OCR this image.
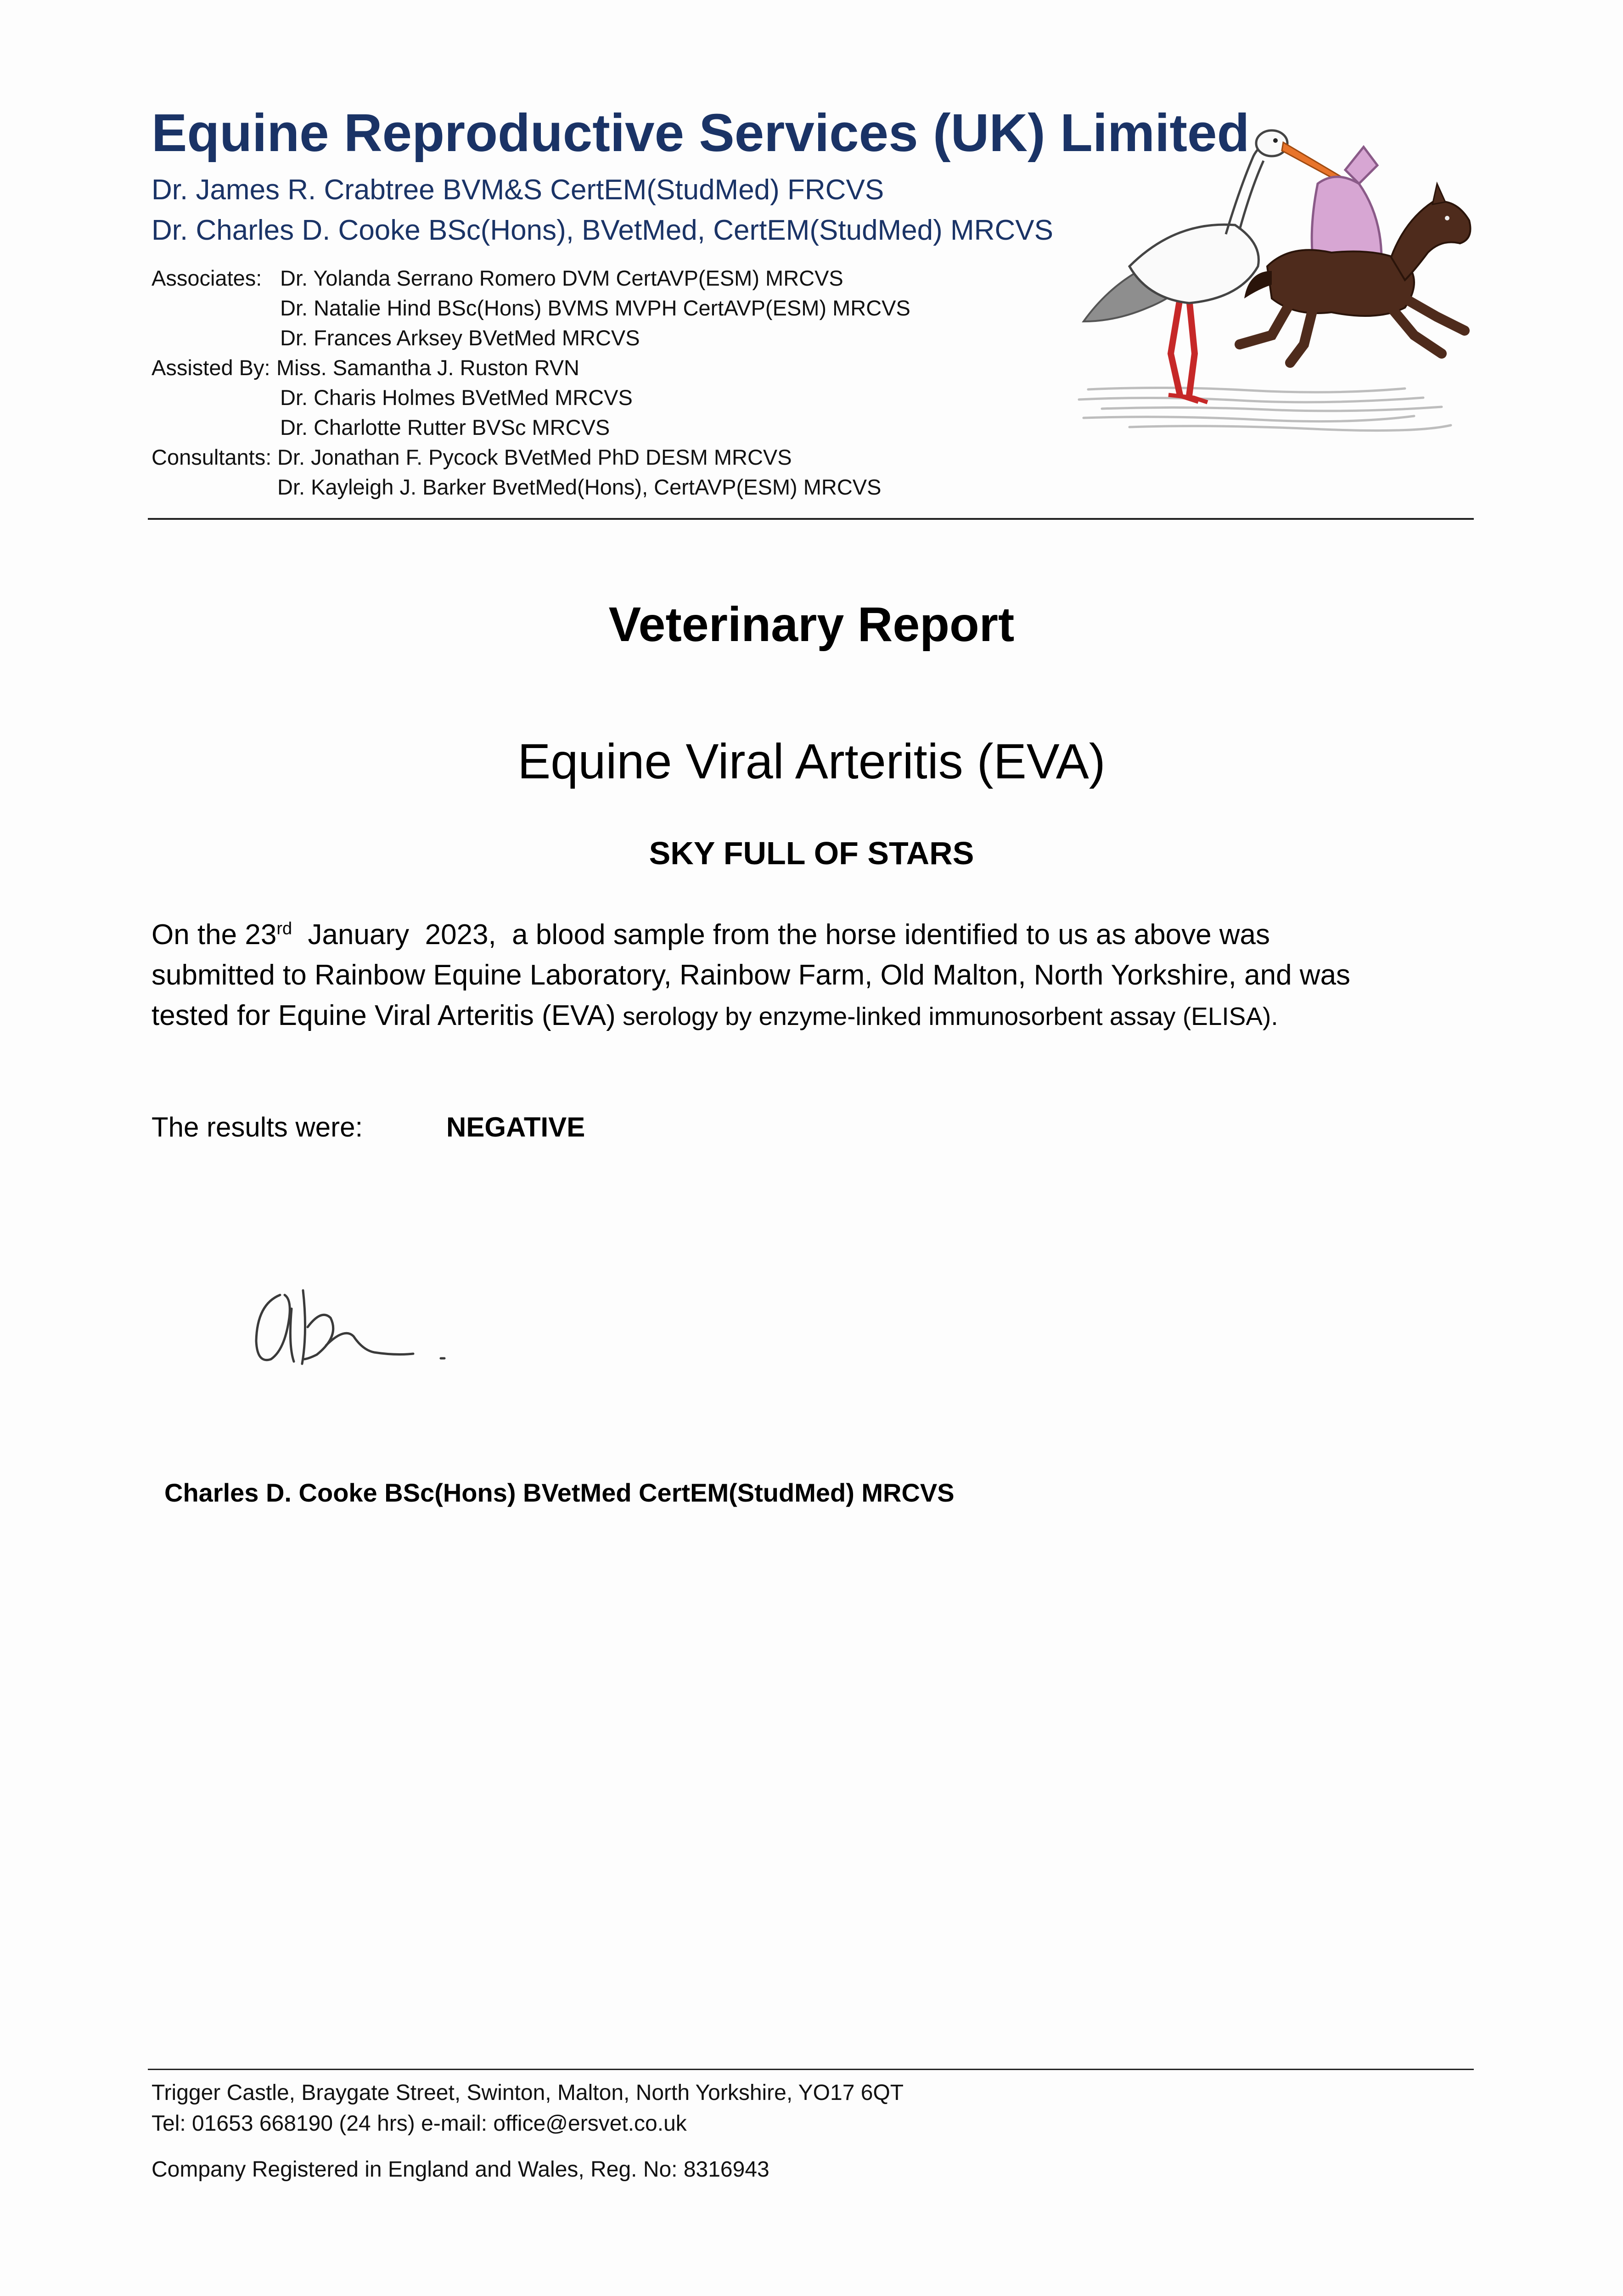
Equine Reproductive Services (UK) Limited
Dr. James R. Crabtree BVM&S CertEM(StudMed) FRCVS
Dr. Charles D. Cooke BSc(Hons), BVetMed, CertEM(StudMed) MRCVS
Associates: Dr. Yolanda Serrano Romero DVM CertAVP(ESM) MRCVS
Dr. Natalie Hind BSc(Hons) BVMS MVPH CertAVP(ESM) MRCVS
Dr. Frances Arksey BVetMed MRCVS
Assisted By: Miss. Samantha J. Ruston RVN
Dr. Charis Holmes BVetMed MRCVS
Dr. Charlotte Rutter BVSc MRCVS
Consultants: Dr. Jonathan F. Pycock BVetMed PhD DESM MRCVS
Dr. Kayleigh J. Barker BvetMed(Hons), CertAVP(ESM) MRCVS
Veterinary Report
Equine Viral Arteritis (EVA)
SKY FULL OF STARS
On the 23rd  January  2023,  a blood sample from the horse identified to us as above was
submitted to Rainbow Equine Laboratory, Rainbow Farm, Old Malton, North Yorkshire, and was
tested for Equine Viral Arteritis (EVA) serology by enzyme-linked immunosorbent assay (ELISA).
The results were:	NEGATIVE
Charles D. Cooke BSc(Hons) BVetMed CertEM(StudMed) MRCVS
Trigger Castle, Braygate Street, Swinton, Malton, North Yorkshire, YO17 6QT
Tel: 01653 668190 (24 hrs) e-mail: office@ersvet.co.uk
Company Registered in England and Wales, Reg. No: 8316943
